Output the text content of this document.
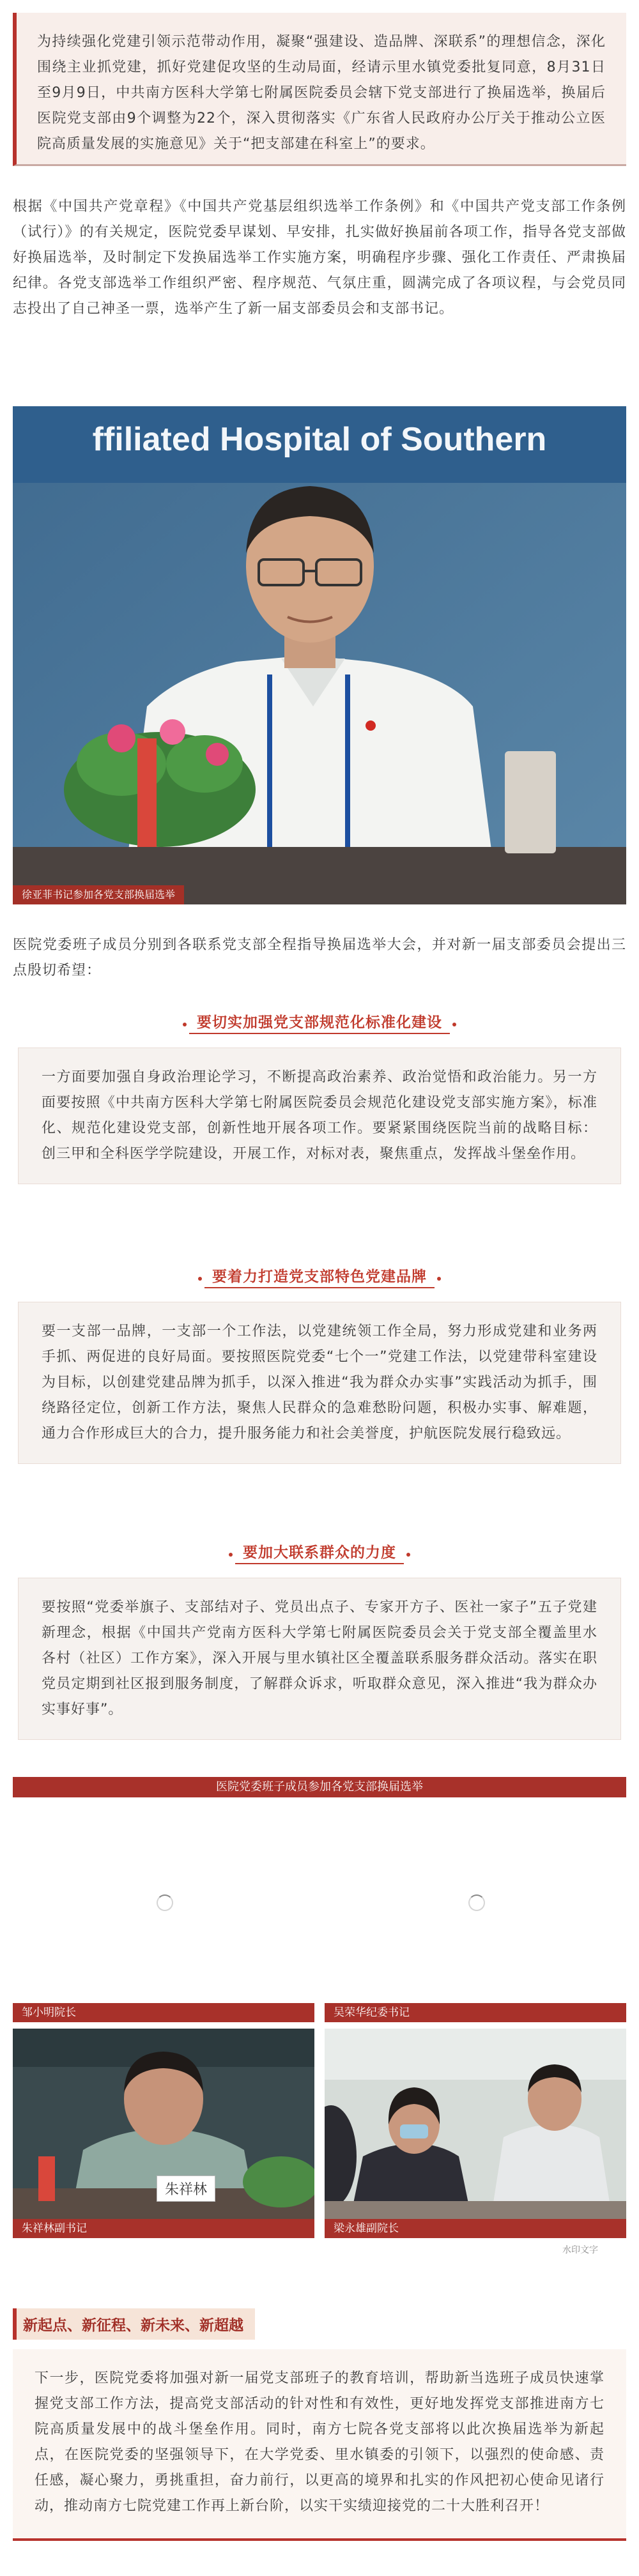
为持续强化党建引领示范带动作用，凝聚“强建设、造品牌、深联系”的理想信念，深化围绕主业抓党建，抓好党建促攻坚的生动局面，经请示里水镇党委批复同意，8月31日至9月9日，中共南方医科大学第七附属医院委员会辖下党支部进行了换届选举，换届后医院党支部由9个调整为22个，深入贯彻落实《广东省人民政府办公厅关于推动公立医院高质量发展的实施意见》关于“把支部建在科室上”的要求。

根据《中国共产党章程》《中国共产党基层组织选举工作条例》和《中国共产党支部工作条例（试行）》的有关规定，医院党委早谋划、早安排，扎实做好换届前各项工作，指导各党支部做好换届选举，及时制定下发换届选举工作实施方案，明确程序步骤、强化工作责任、严肃换届纪律。各党支部选举工作组织严密、程序规范、气氛庄重，圆满完成了各项议程，与会党员同志投出了自己神圣一票，选举产生了新一届支部委员会和支部书记。

ffiliated Hospital of Southern
徐亚菲书记参加各党支部换届选举

医院党委班子成员分别到各联系党支部全程指导换届选举大会，并对新一届支部委员会提出三点殷切希望：

要切实加强党支部规范化标准化建设

一方面要加强自身政治理论学习，不断提高政治素养、政治觉悟和政治能力。另一方面要按照《中共南方医科大学第七附属医院委员会规范化建设党支部实施方案》，标准化、规范化建设党支部，创新性地开展各项工作。要紧紧围绕医院当前的战略目标：创三甲和全科医学学院建设，开展工作，对标对表，聚焦重点，发挥战斗堡垒作用。

要着力打造党支部特色党建品牌

要一支部一品牌，一支部一个工作法，以党建统领工作全局，努力形成党建和业务两手抓、两促进的良好局面。要按照医院党委“七个一”党建工作法，以党建带科室建设为目标，以创建党建品牌为抓手，以深入推进“我为群众办实事”实践活动为抓手，围绕路径定位，创新工作方法，聚焦人民群众的急难愁盼问题，积极办实事、解难题，通力合作形成巨大的合力，提升服务能力和社会美誉度，护航医院发展行稳致远。

要加大联系群众的力度

要按照“党委举旗子、支部结对子、党员出点子、专家开方子、医社一家子”五子党建新理念，根据《中国共产党南方医科大学第七附属医院委员会关于党支部全覆盖里水各村（社区）工作方案》，深入开展与里水镇社区全覆盖联系服务群众活动。落实在职党员定期到社区报到服务制度，了解群众诉求，听取群众意见，深入推进“我为群众办实事好事”。

医院党委班子成员参加各党支部换届选举
邹小明院长	吴荣华纪委书记
朱祥林
朱祥林副书记	梁永雄副院长
水印文字
新起点、新征程、新未来、新超越

下一步，医院党委将加强对新一届党支部班子的教育培训，帮助新当选班子成员快速掌握党支部工作方法，提高党支部活动的针对性和有效性，更好地发挥党支部推进南方七院高质量发展中的战斗堡垒作用。同时，南方七院各党支部将以此次换届选举为新起点，在医院党委的坚强领导下，在大学党委、里水镇委的引领下，以强烈的使命感、责任感，凝心聚力，勇挑重担，奋力前行，以更高的境界和扎实的作风把初心使命见诸行动，推动南方七院党建工作再上新台阶，以实干实绩迎接党的二十大胜利召开！
